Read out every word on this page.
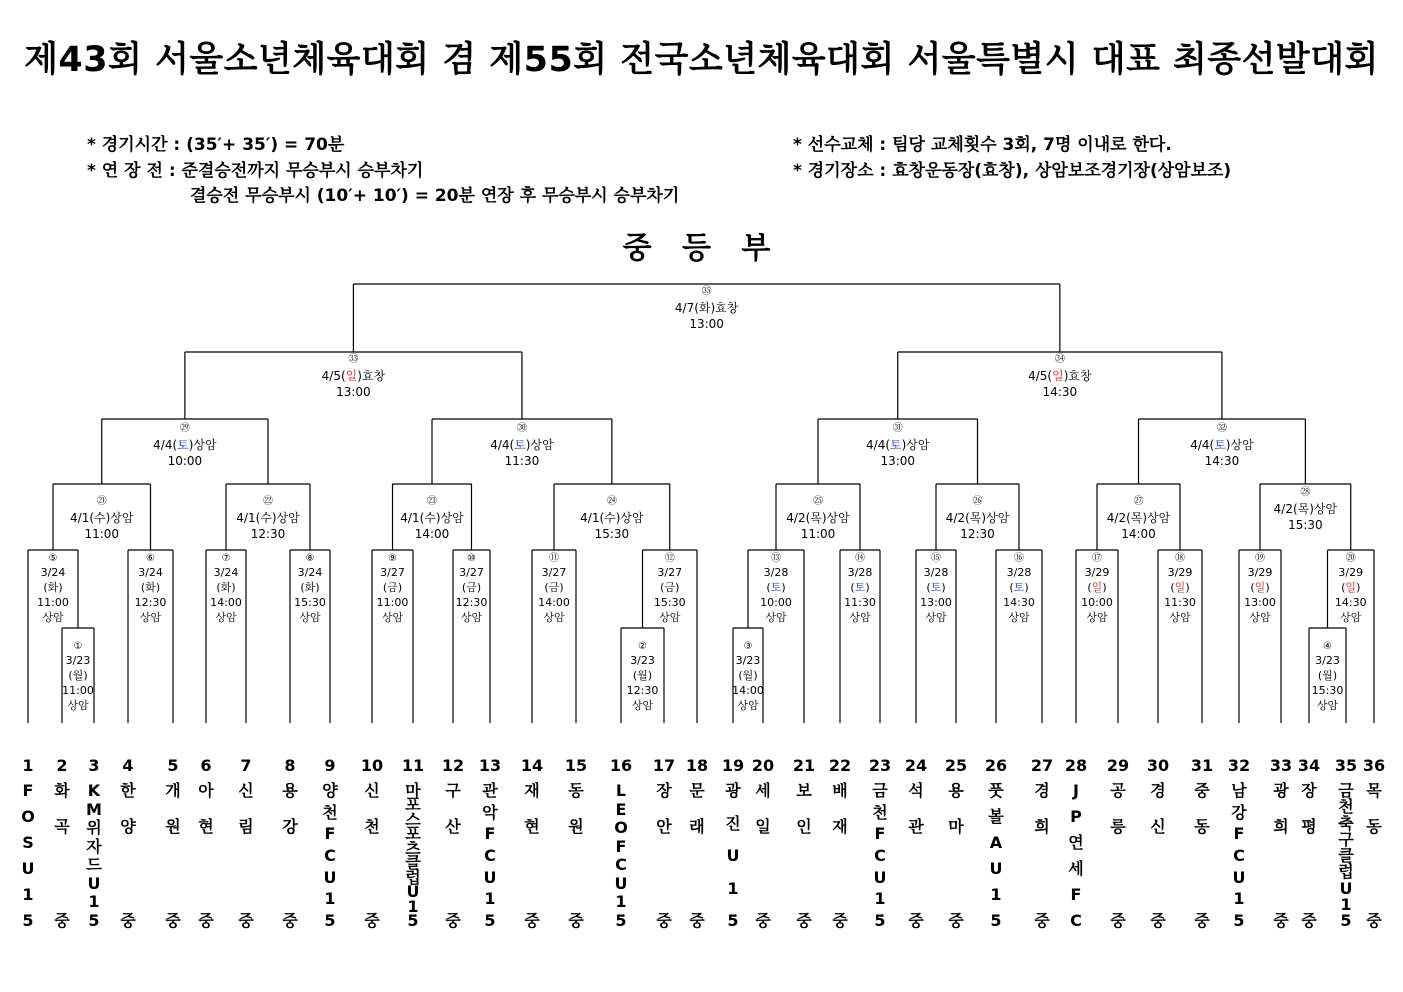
제43회 서울소년체육대회 겸 제55회 전국소년체육대회 서울특별시 대표 최종선발대회
* 경기시간 : (35′+ 35′) = 70분
* 연 장 전 : 준결승전까지 무승부시 승부차기
결승전 무승부시 (10′+ 10′) = 20분 연장 후 무승부시 승부차기
* 선수교체 : 팀당 교체횟수 3회, 7명 이내로 한다.
* 경기장소 : 효창운동장(효창), 상암보조경기장(상암보조)
중 등 부
①
3/23
(월)
11:00
상암
②
3/23
(월)
12:30
상암
③
3/23
(월)
14:00
상암
④
3/23
(월)
15:30
상암
⑤
3/24
(화)
11:00
상암
⑥
3/24
(화)
12:30
상암
⑦
3/24
(화)
14:00
상암
⑧
3/24
(화)
15:30
상암
⑨
3/27
(금)
11:00
상암
⑩
3/27
(금)
12:30
상암
⑪
3/27
(금)
14:00
상암
⑫
3/27
(금)
15:30
상암
⑬
3/28
(토)
10:00
상암
⑭
3/28
(토)
11:30
상암
⑮
3/28
(토)
13:00
상암
⑯
3/28
(토)
14:30
상암
⑰
3/29
(일)
10:00
상암
⑱
3/29
(일)
11:30
상암
⑲
3/29
(일)
13:00
상암
⑳
3/29
(일)
14:30
상암
㉑
4/1(수)상암
11:00
㉒
4/1(수)상암
12:30
㉓
4/1(수)상암
14:00
㉔
4/1(수)상암
15:30
㉕
4/2(목)상암
11:00
㉖
4/2(목)상암
12:30
㉗
4/2(목)상암
14:00
㉘
4/2(목)상암
15:30
㉙
4/4(토)상암
10:00
㉚
4/4(토)상암
11:30
㉛
4/4(토)상암
13:00
㉜
4/4(토)상암
14:30
㉝
4/5(일)효창
13:00
㉞
4/5(일)효창
14:30
㉟
4/7(화)효창
13:00
1
F
O
S
U
1
5
2
화
곡
중
3
K
M
위
자
드
U
1
5
4
한
양
중
5
개
원
중
6
아
현
중
7
신
림
중
8
용
강
중
9
양
천
F
C
U
1
5
10
신
천
중
11
마
포
스
포
츠
클
럽
U
1
5
12
구
산
중
13
관
악
F
C
U
1
5
14
재
현
중
15
동
원
중
16
L
E
O
F
C
U
1
5
17
장
안
중
18
문
래
중
19
광
진
U
1
5
20
세
일
중
21
보
인
중
22
배
재
중
23
금
천
F
C
U
1
5
24
석
관
중
25
용
마
중
26
풋
볼
A
U
1
5
27
경
희
중
28
J
P
연
세
F
C
29
공
릉
중
30
경
신
중
31
중
동
중
32
남
강
F
C
U
1
5
33
광
희
중
34
장
평
중
35
금
천
축
구
클
럽
U
1
5
36
목
동
중
